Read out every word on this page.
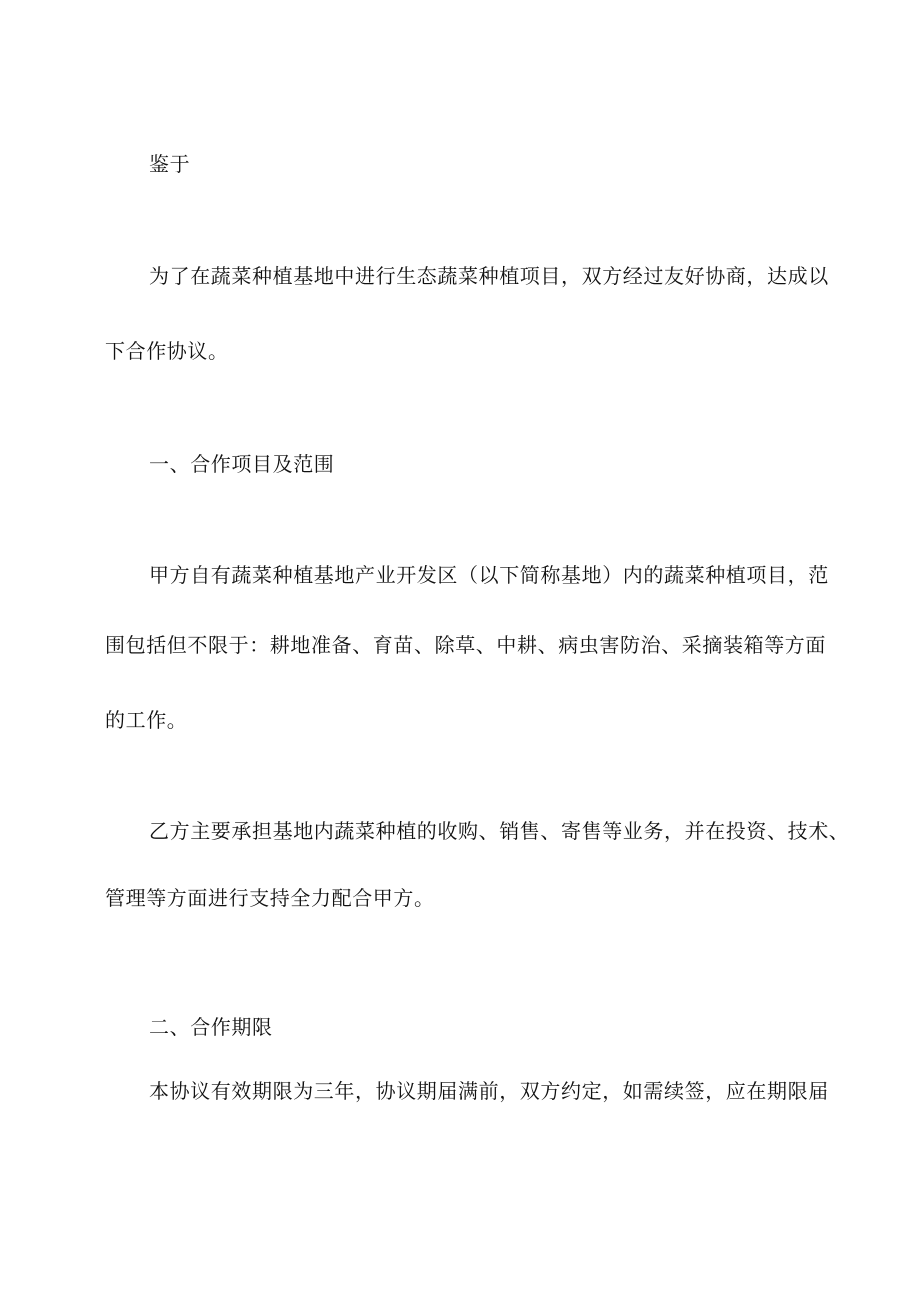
鉴于
为了在蔬菜种植基地中进行生态蔬菜种植项目，双方经过友好协商，达成以
下合作协议。
一、合作项目及范围
甲方自有蔬菜种植基地产业开发区（以下简称基地）内的蔬菜种植项目，范
围包括但不限于：耕地准备、育苗、除草、中耕、病虫害防治、采摘装箱等方面
的工作。
乙方主要承担基地内蔬菜种植的收购、销售、寄售等业务，并在投资、技术、
管理等方面进行支持全力配合甲方。
二、合作期限
本协议有效期限为三年，协议期届满前，双方约定，如需续签，应在期限届
